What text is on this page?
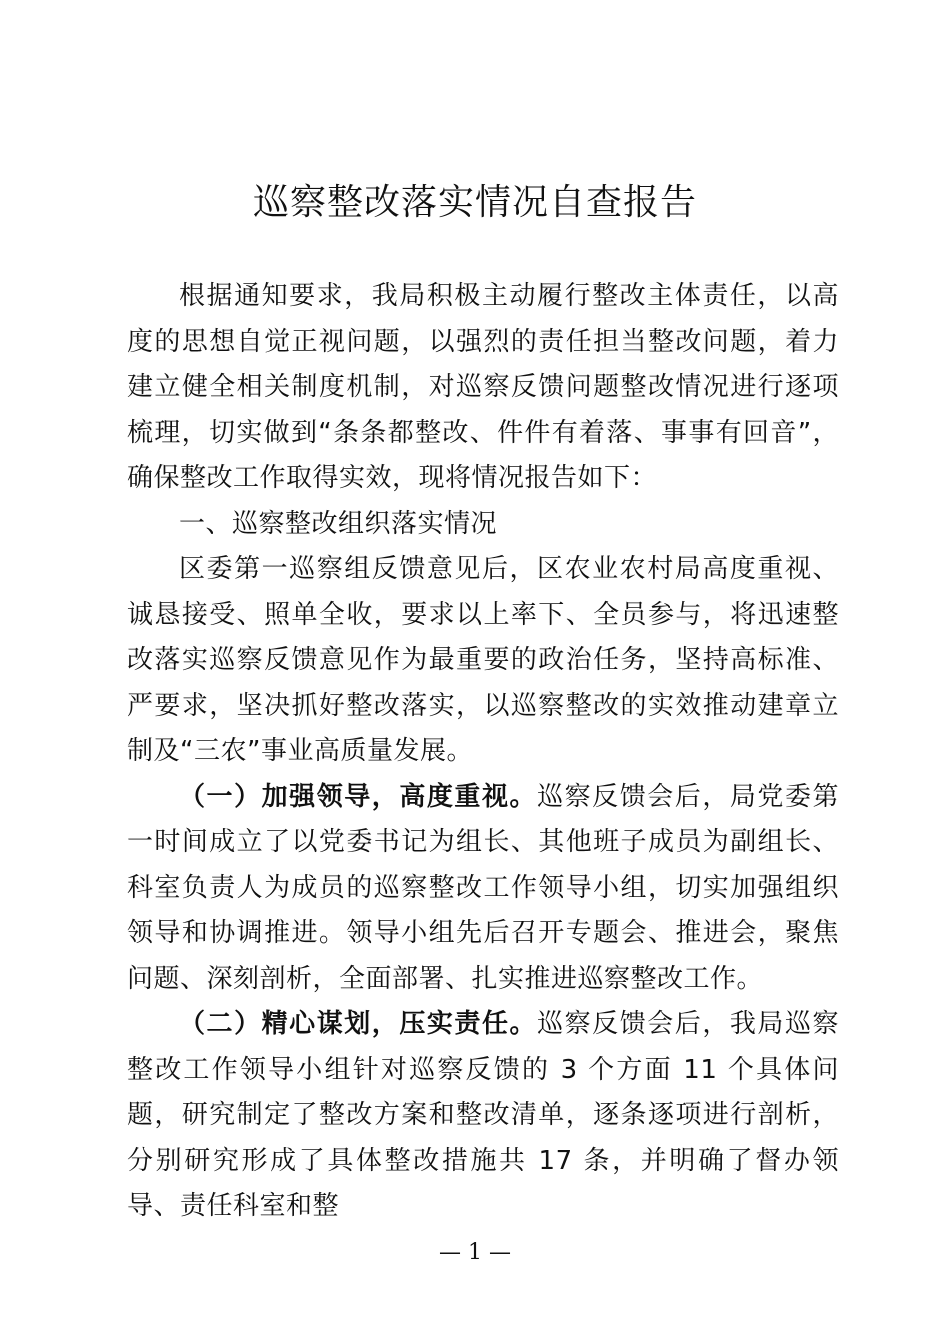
巡察整改落实情况自查报告

根据通知要求，我局积极主动履行整改主体责任，以高度的思想自觉正视问题，以强烈的责任担当整改问题，着力建立健全相关制度机制，对巡察反馈问题整改情况进行逐项梳理，切实做到“条条都整改、件件有着落、事事有回音”，确保整改工作取得实效，现将情况报告如下：

一、巡察整改组织落实情况

区委第一巡察组反馈意见后，区农业农村局高度重视、诚恳接受、照单全收，要求以上率下、全员参与，将迅速整改落实巡察反馈意见作为最重要的政治任务，坚持高标准、严要求，坚决抓好整改落实，以巡察整改的实效推动建章立制及“三农”事业高质量发展。

（一）加强领导，高度重视。巡察反馈会后，局党委第一时间成立了以党委书记为组长、其他班子成员为副组长、科室负责人为成员的巡察整改工作领导小组，切实加强组织领导和协调推进。领导小组先后召开专题会、推进会，聚焦问题、深刻剖析，全面部署、扎实推进巡察整改工作。

（二）精心谋划，压实责任。巡察反馈会后，我局巡察整改工作领导小组针对巡察反馈的 3 个方面 11 个具体问题，研究制定了整改方案和整改清单，逐条逐项进行剖析，分别研究形成了具体整改措施共 17 条，并明确了督办领导、责任科室和整

— 1 —
